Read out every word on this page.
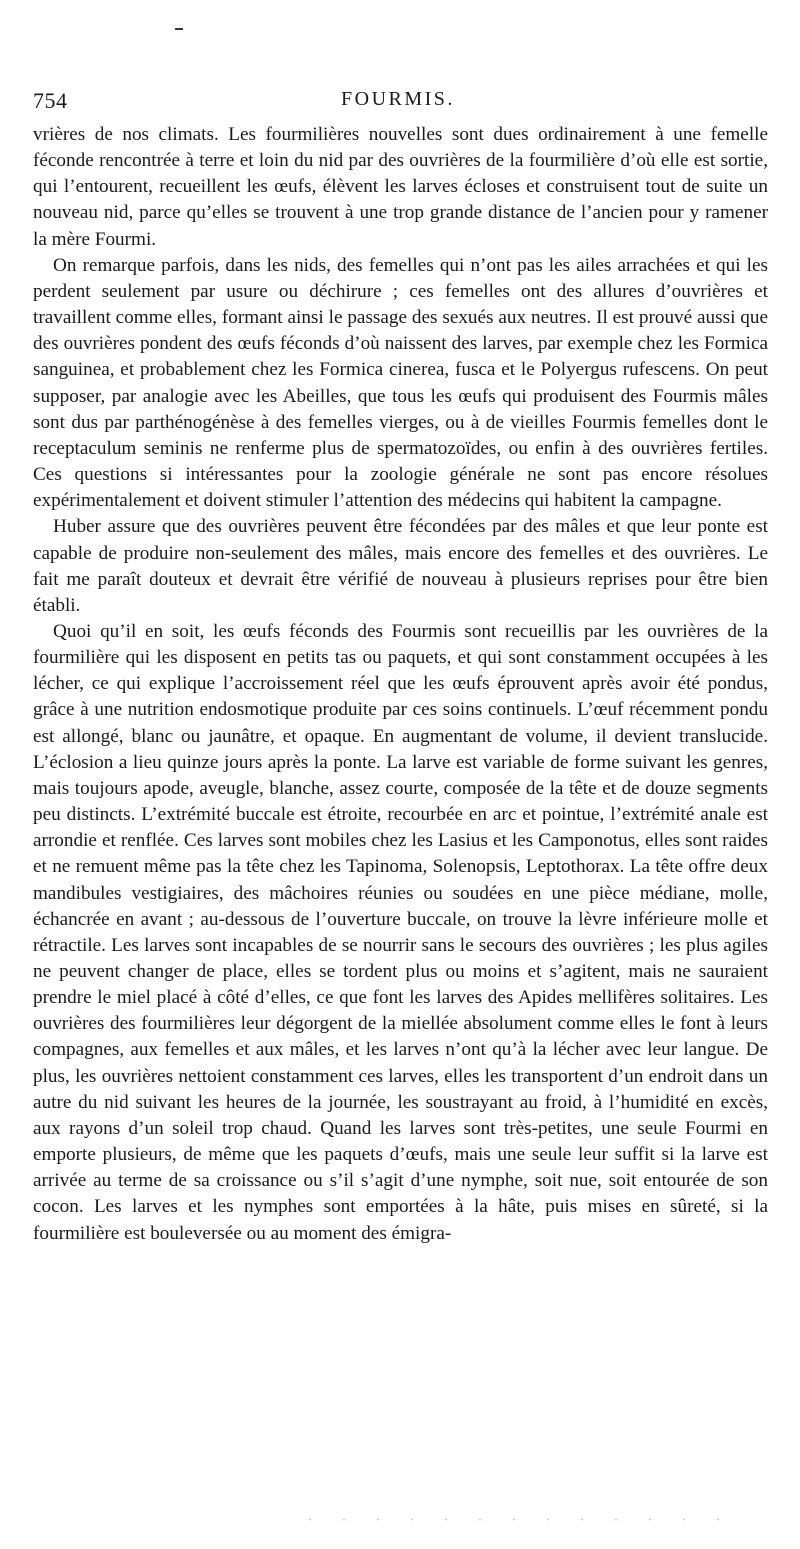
754	FOURMIS.

vrières de nos climats. Les fourmilières nouvelles sont dues ordinairement à une femelle féconde rencontrée à terre et loin du nid par des ouvrières de la fourmilière d’où elle est sortie, qui l’entourent, recueillent les œufs, élèvent les larves écloses et construisent tout de suite un nouveau nid, parce qu’elles se trouvent à une trop grande distance de l’ancien pour y ramener la mère Fourmi.

On remarque parfois, dans les nids, des femelles qui n’ont pas les ailes arrachées et qui les perdent seulement par usure ou déchirure ; ces femelles ont des allures d’ouvrières et travaillent comme elles, formant ainsi le passage des sexués aux neutres. Il est prouvé aussi que des ouvrières pondent des œufs féconds d’où naissent des larves, par exemple chez les Formica sanguinea, et probablement chez les Formica cinerea, fusca et le Polyergus rufescens. On peut supposer, par analogie avec les Abeilles, que tous les œufs qui produisent des Fourmis mâles sont dus par parthénogénèse à des femelles vierges, ou à de vieilles Fourmis femelles dont le receptaculum seminis ne renferme plus de spermatozoïdes, ou enfin à des ouvrières fertiles. Ces questions si intéressantes pour la zoologie générale ne sont pas encore résolues expérimentalement et doivent stimuler l’attention des médecins qui habitent la campagne.

Huber assure que des ouvrières peuvent être fécondées par des mâles et que leur ponte est capable de produire non-seulement des mâles, mais encore des femelles et des ouvrières. Le fait me paraît douteux et devrait être vérifié de nouveau à plusieurs reprises pour être bien établi.

Quoi qu’il en soit, les œufs féconds des Fourmis sont recueillis par les ouvrières de la fourmilière qui les disposent en petits tas ou paquets, et qui sont constamment occupées à les lécher, ce qui explique l’accroissement réel que les œufs éprouvent après avoir été pondus, grâce à une nutrition endosmotique produite par ces soins continuels. L’œuf récemment pondu est allongé, blanc ou jaunâtre, et opaque. En augmentant de volume, il devient translucide. L’éclosion a lieu quinze jours après la ponte. La larve est variable de forme suivant les genres, mais toujours apode, aveugle, blanche, assez courte, composée de la tête et de douze segments peu distincts. L’extrémité buccale est étroite, recourbée en arc et pointue, l’extrémité anale est arrondie et renflée. Ces larves sont mobiles chez les Lasius et les Camponotus, elles sont raides et ne remuent même pas la tête chez les Tapinoma, Solenopsis, Leptothorax. La tête offre deux mandibules vestigiaires, des mâchoires réunies ou soudées en une pièce médiane, molle, échancrée en avant ; au-dessous de l’ouverture buccale, on trouve la lèvre inférieure molle et rétractile. Les larves sont incapables de se nourrir sans le secours des ouvrières ; les plus agiles ne peuvent changer de place, elles se tordent plus ou moins et s’agitent, mais ne sauraient prendre le miel placé à côté d’elles, ce que font les larves des Apides mellifères solitaires. Les ouvrières des fourmilières leur dégorgent de la miellée absolument comme elles le font à leurs compagnes, aux femelles et aux mâles, et les larves n’ont qu’à la lécher avec leur langue. De plus, les ouvrières nettoient constamment ces larves, elles les transportent d’un endroit dans un autre du nid suivant les heures de la journée, les soustrayant au froid, à l’humidité en excès, aux rayons d’un soleil trop chaud. Quand les larves sont très-petites, une seule Fourmi en emporte plusieurs, de même que les paquets d’œufs, mais une seule leur suffit si la larve est arrivée au terme de sa croissance ou s’il s’agit d’une nymphe, soit nue, soit entourée de son cocon. Les larves et les nymphes sont emportées à la hâte, puis mises en sûreté, si la fourmilière est bouleversée ou au moment des émigra-
